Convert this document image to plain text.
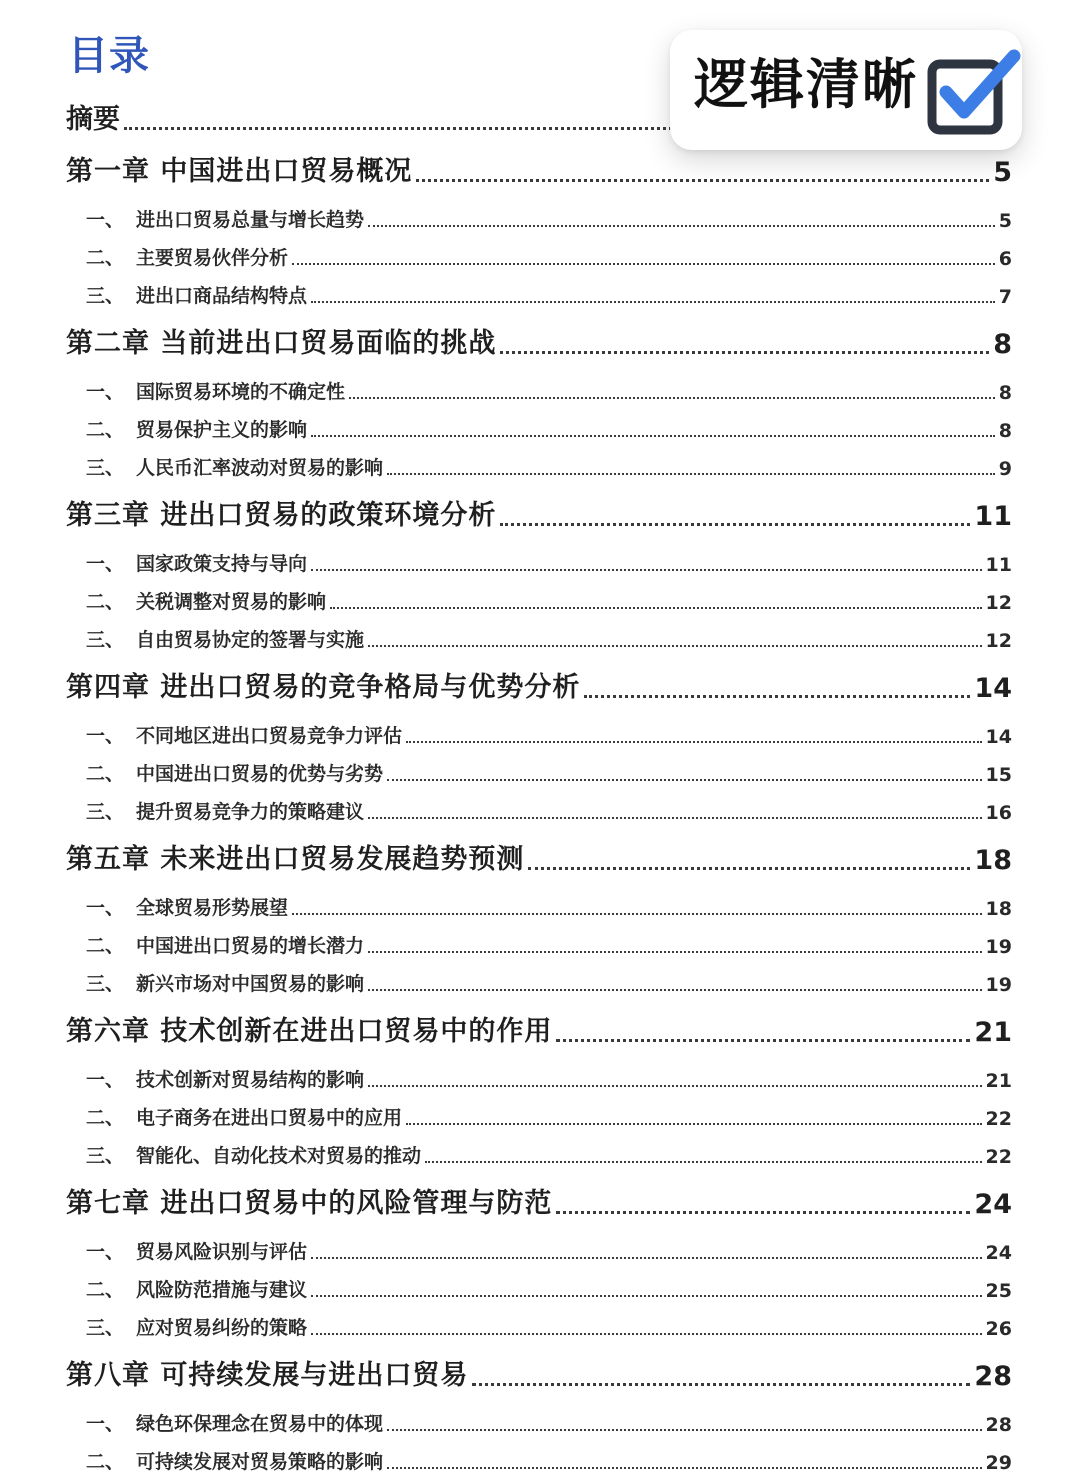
目录
摘要
第一章 中国进出口贸易概况	5
一、 进出口贸易总量与增长趋势	5
二、 主要贸易伙伴分析	6
三、 进出口商品结构特点	7
第二章 当前进出口贸易面临的挑战	8
一、 国际贸易环境的不确定性	8
二、 贸易保护主义的影响	8
三、 人民币汇率波动对贸易的影响	9
第三章 进出口贸易的政策环境分析	11
一、 国家政策支持与导向	11
二、 关税调整对贸易的影响	12
三、 自由贸易协定的签署与实施	12
第四章 进出口贸易的竞争格局与优势分析	14
一、 不同地区进出口贸易竞争力评估	14
二、 中国进出口贸易的优势与劣势	15
三、 提升贸易竞争力的策略建议	16
第五章 未来进出口贸易发展趋势预测	18
一、 全球贸易形势展望	18
二、 中国进出口贸易的增长潜力	19
三、 新兴市场对中国贸易的影响	19
第六章 技术创新在进出口贸易中的作用	21
一、 技术创新对贸易结构的影响	21
二、 电子商务在进出口贸易中的应用	22
三、 智能化、自动化技术对贸易的推动	22
第七章 进出口贸易中的风险管理与防范	24
一、 贸易风险识别与评估	24
二、 风险防范措施与建议	25
三、 应对贸易纠纷的策略	26
第八章 可持续发展与进出口贸易	28
一、 绿色环保理念在贸易中的体现	28
二、 可持续发展对贸易策略的影响	29
逻辑清晰
